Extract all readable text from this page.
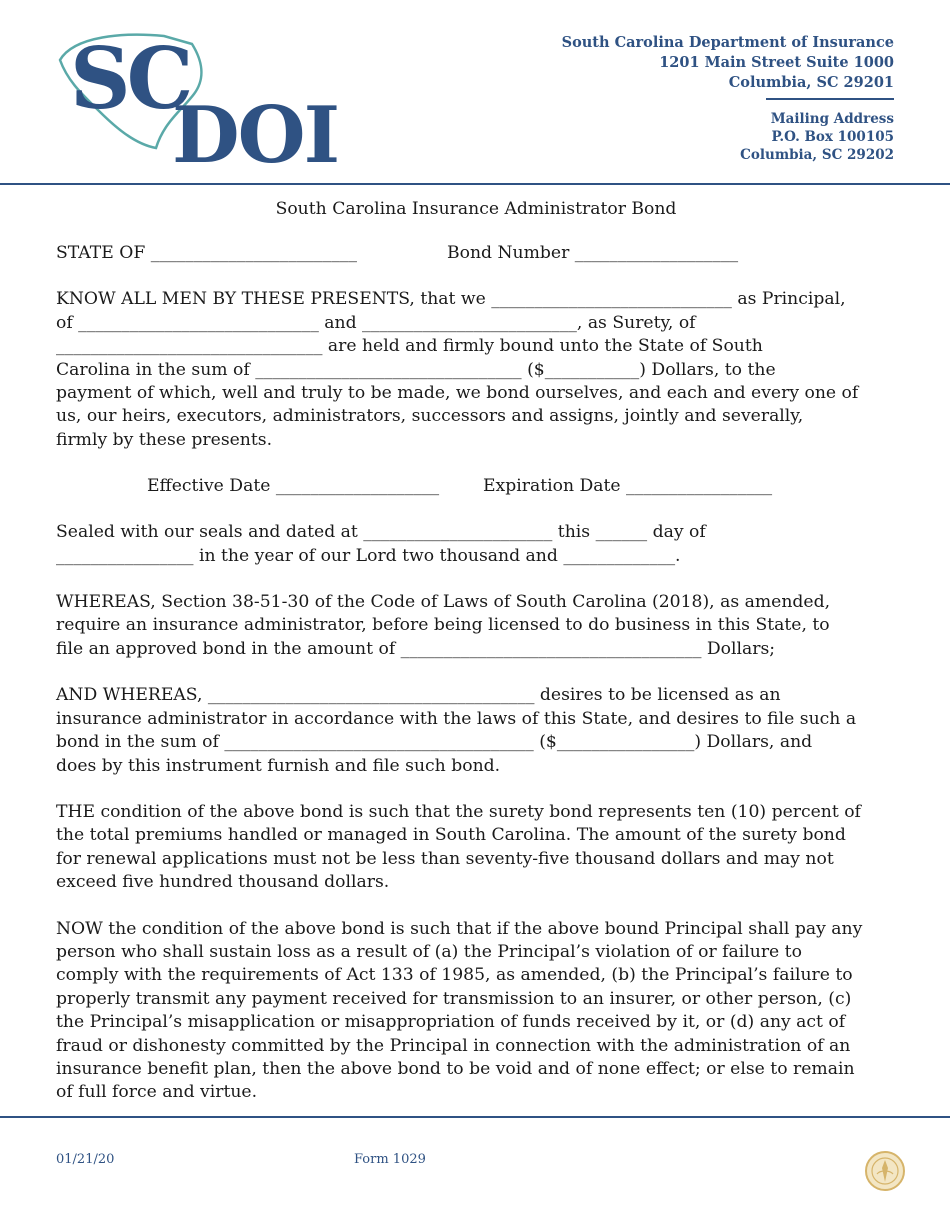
SC
DOI
South Carolina Department of Insurance
1201 Main Street Suite 1000
Columbia, SC 29201
Mailing Address
P.O. Box 100105
Columbia, SC 29202

South Carolina Insurance Administrator Bond

STATE OF ________________________	Bond Number ___________________
KNOW ALL MEN BY THESE PRESENTS, that we ____________________________ as Principal,
of ____________________________ and _________________________, as Surety, of
_______________________________ are held and firmly bound unto the State of South
Carolina in the sum of _______________________________ ($___________) Dollars, to the
payment of which, well and truly to be made, we bond ourselves, and each and every one of
us, our heirs, executors, administrators, successors and assigns, jointly and severally,
firmly by these presents.
Effective Date ___________________	Expiration Date _________________
Sealed with our seals and dated at ______________________ this ______ day of
________________ in the year of our Lord two thousand and _____________.
WHEREAS, Section 38-51-30 of the Code of Laws of South Carolina (2018), as amended,
require an insurance administrator, before being licensed to do business in this State, to
file an approved bond in the amount of ___________________________________ Dollars;
AND WHEREAS, ______________________________________ desires to be licensed as an
insurance administrator in accordance with the laws of this State, and desires to file such a
bond in the sum of ____________________________________ ($________________) Dollars, and
does by this instrument furnish and file such bond.
THE condition of the above bond is such that the surety bond represents ten (10) percent of
the total premiums handled or managed in South Carolina. The amount of the surety bond
for renewal applications must not be less than seventy-five thousand dollars and may not
exceed five hundred thousand dollars.
NOW the condition of the above bond is such that if the above bound Principal shall pay any
person who shall sustain loss as a result of (a) the Principal’s violation of or failure to
comply with the requirements of Act 133 of 1985, as amended, (b) the Principal’s failure to
properly transmit any payment received for transmission to an insurer, or other person, (c)
the Principal’s misapplication or misappropriation of funds received by it, or (d) any act of
fraud or dishonesty committed by the Principal in connection with the administration of an
insurance benefit plan, then the above bond to be void and of none effect; or else to remain
of full force and virtue.
01/21/20	Form 1029
